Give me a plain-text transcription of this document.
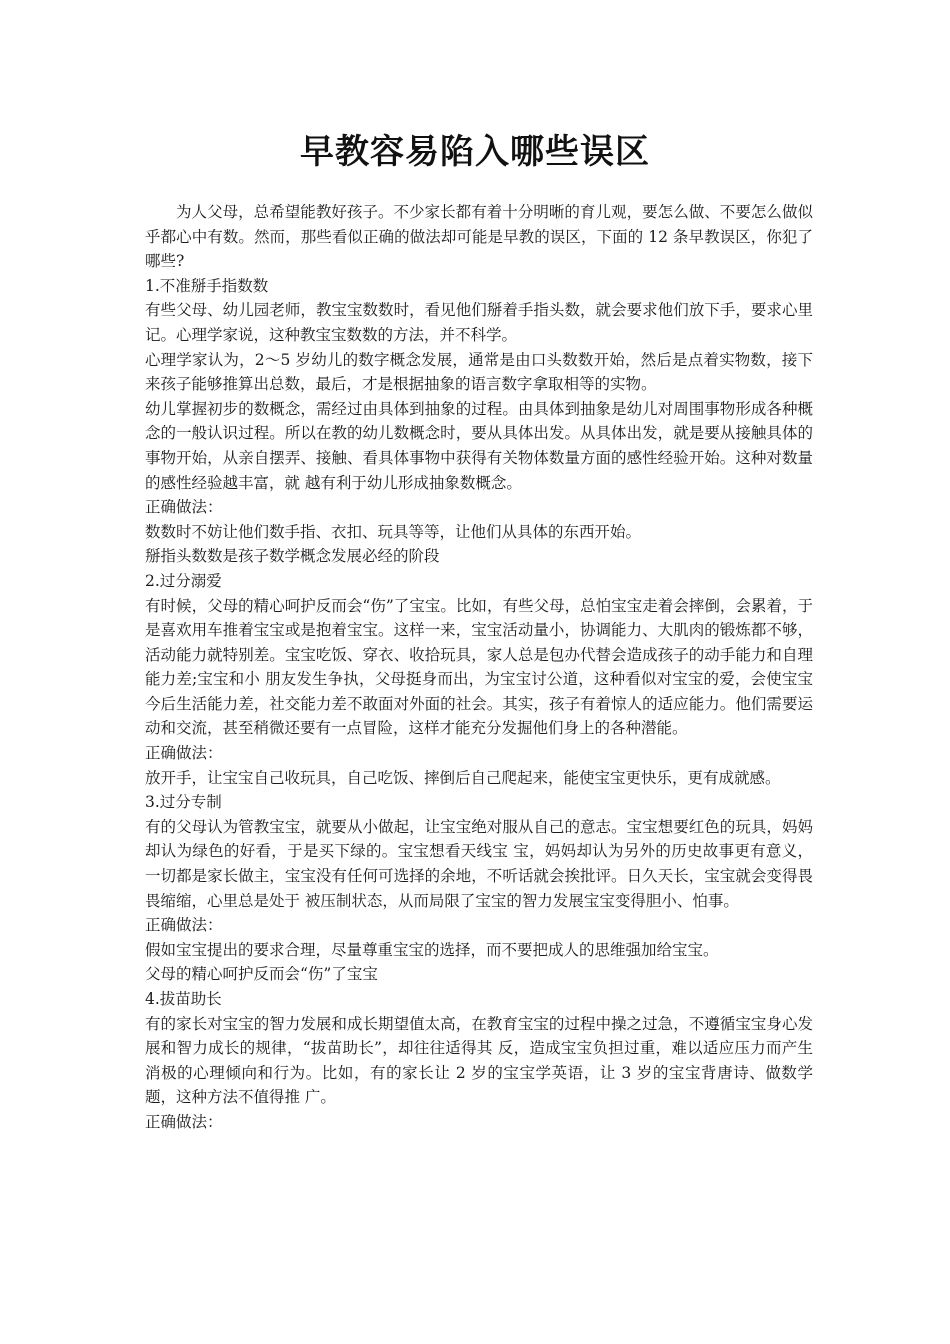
早教容易陷入哪些误区

为人父母，总希望能教好孩子。不少家长都有着十分明晰的育儿观，要怎么做、不要怎么做似乎都心中有数。然而，那些看似正确的做法却可能是早教的误区，下面的 12 条早教误区，你犯了哪些?

1.不准掰手指数数

有些父母、幼儿园老师，教宝宝数数时，看见他们掰着手指头数，就会要求他们放下手，要求心里记。心理学家说，这种教宝宝数数的方法，并不科学。

心理学家认为，2～5 岁幼儿的数字概念发展，通常是由口头数数开始，然后是点着实物数，接下来孩子能够推算出总数，最后，才是根据抽象的语言数字拿取相等的实物。

幼儿掌握初步的数概念，需经过由具体到抽象的过程。由具体到抽象是幼儿对周围事物形成各种概念的一般认识过程。所以在教的幼儿数概念时，要从具体出发。从具体出发，就是要从接触具体的事物开始，从亲自摆弄、接触、看具体事物中获得有关物体数量方面的感性经验开始。这种对数量的感性经验越丰富，就 越有利于幼儿形成抽象数概念。

正确做法：

数数时不妨让他们数手指、衣扣、玩具等等，让他们从具体的东西开始。

掰指头数数是孩子数学概念发展必经的阶段

2.过分溺爱

有时候，父母的精心呵护反而会“伤”了宝宝。比如，有些父母，总怕宝宝走着会摔倒，会累着，于是喜欢用车推着宝宝或是抱着宝宝。这样一来，宝宝活动量小，协调能力、大肌肉的锻炼都不够，活动能力就特别差。宝宝吃饭、穿衣、收拾玩具，家人总是包办代替会造成孩子的动手能力和自理能力差;宝宝和小 朋友发生争执，父母挺身而出，为宝宝讨公道，这种看似对宝宝的爱，会使宝宝今后生活能力差，社交能力差不敢面对外面的社会。其实，孩子有着惊人的适应能力。他们需要运动和交流，甚至稍微还要有一点冒险，这样才能充分发掘他们身上的各种潜能。

正确做法：

放开手，让宝宝自己收玩具，自己吃饭、摔倒后自己爬起来，能使宝宝更快乐，更有成就感。

3.过分专制

有的父母认为管教宝宝，就要从小做起，让宝宝绝对服从自己的意志。宝宝想要红色的玩具，妈妈却认为绿色的好看，于是买下绿的。宝宝想看天线宝 宝，妈妈却认为另外的历史故事更有意义，一切都是家长做主，宝宝没有任何可选择的余地，不听话就会挨批评。日久天长，宝宝就会变得畏畏缩缩，心里总是处于 被压制状态，从而局限了宝宝的智力发展宝宝变得胆小、怕事。

正确做法：

假如宝宝提出的要求合理，尽量尊重宝宝的选择，而不要把成人的思维强加给宝宝。

父母的精心呵护反而会“伤”了宝宝

4.拔苗助长

有的家长对宝宝的智力发展和成长期望值太高，在教育宝宝的过程中操之过急，不遵循宝宝身心发展和智力成长的规律，“拔苗助长”，却往往适得其 反，造成宝宝负担过重，难以适应压力而产生消极的心理倾向和行为。比如，有的家长让 2 岁的宝宝学英语，让 3 岁的宝宝背唐诗、做数学题，这种方法不值得推 广。

正确做法：
